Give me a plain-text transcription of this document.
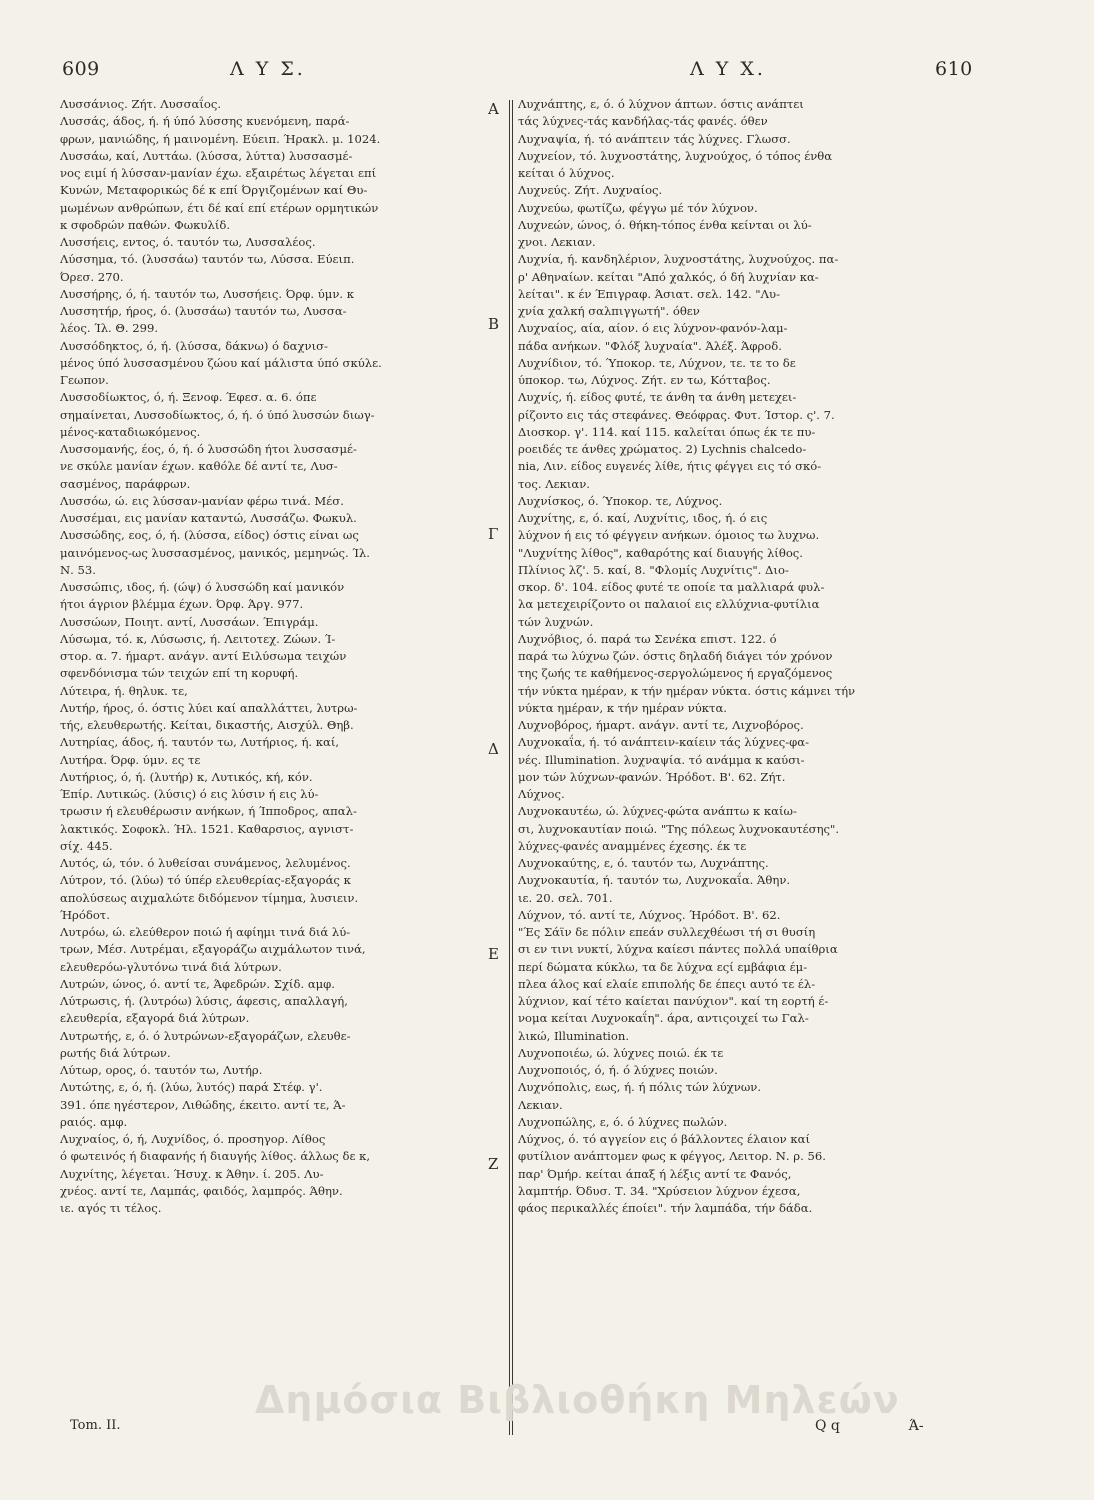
609	Λ Υ Σ.	Λ Υ Χ.	610
Λυσσάνιος. Ζήτ. Λυσσαΐος.
Λυσσάς, άδος, ή. ή ύπό λύσσης κυενόμενη, παρά-
φρων, μανιώδης, ή μαινομένη. Εύειπ. Ήρακλ. μ. 1024.
Λυσσάω, καί, Λυττάω. (λύσσα, λύττα) λυσσασμέ-
νος ειμί ή λύσσαν-μανίαν έχω. εξαιρέτως λέγεται επί
Κυνών, Μεταφορικώς δέ κ επί Όργιζομένων καί Θυ-
μωμένων ανθρώπων, έτι δέ καί επί ετέρων ορμητικών
κ σφοδρών παθών. Φωκυλίδ.
Λυσσήεις, εντος, ό. ταυτόν τω, Λυσσαλέος.
Λύσσημα, τό. (λυσσάω) ταυτόν τω, Λύσσα. Εύειπ.
Όρεσ. 270.
Λυσσήρης, ό, ή. ταυτόν τω, Λυσσήεις. Όρφ. ύμν. κ
Λυσσητήρ, ήρος, ό. (λυσσάω) ταυτόν τω, Λυσσα-
λέος. Ίλ. Θ. 299.
Λυσσόδηκτος, ό, ή. (λύσσα, δάκνω) ό δαχνισ-
μένος ύπό λυσσασμένου ζώου καί μάλιστα ύπό σκύλε.
Γεωπον.
Λυσσοδίωκτος, ό, ή. Ξενοφ. Έφεσ. α. 6. όπε
σημαίνεται, Λυσσοδίωκτος, ό, ή. ό ύπό λυσσών διωγ-
μένος-καταδιωκόμενος.
Λυσσομανής, έος, ό, ή. ό λυσσώδη ήτοι λυσσασμέ-
νε σκύλε μανίαν έχων. καθόλε δέ αντί τε, Λυσ-
σασμένος, παράφρων.
Λυσσόω, ώ. εις λύσσαν-μανίαν φέρω τινά. Μέσ.
Λυσσέμαι, εις μανίαν καταντώ, Λυσσάζω. Φωκυλ.
Λυσσώδης, εος, ό, ή. (λύσσα, είδος) όστις είναι ως
μαινόμενος-ως λυσσασμένος, μανικός, μεμηνώς. Ίλ.
Ν. 53.
Λυσσώπις, ιδος, ή. (ώψ) ό λυσσώδη καί μανικόν
ήτοι άγριον βλέμμα έχων. Όρφ. Άργ. 977.
Λυσσώων, Ποιητ. αντί, Λυσσάων. Έπιγράμ.
Λύσωμα, τό. κ, Λύσωσις, ή. Λειτοτεχ. Ζώων. Ί-
στορ. α. 7. ήμαρτ. ανάγν. αντί Ειλύσωμα τειχών
σφενδόνισμα τών τειχών επί τη κορυφή.
Λύτειρα, ή. θηλυκ. τε,
Λυτήρ, ήρος, ό. όστις λύει καί απαλλάττει, λυτρω-
τής, ελευθερωτής. Κείται, δικαστής, Αισχύλ. Θηβ.
Λυτηρίας, άδος, ή. ταυτόν τω, Λυτήριος, ή. καί,
Λυτήρα. Όρφ. ύμν. ες τε
Λυτήριος, ό, ή. (λυτήρ) κ, Λυτικός, κή, κόν.
Έπίρ. Λυτικώς. (λύσις) ό εις λύσιν ή εις λύ-
τρωσιν ή ελευθέρωσιν ανήκων, ή Ίπποδρος, απαλ-
λακτικός. Σοφοκλ. Ήλ. 1521. Καθαρσιος, αγνιστ-
σίχ. 445.
Λυτός, ώ, τόν. ό λυθείσαι συνάμενος, λελυμένος.
Λύτρον, τό. (λύω) τό ύπέρ ελευθερίας-εξαγοράς κ
απολύσεως αιχμαλώτε διδόμενον τίμημα, λυσιειν.
Ήρόδοτ.
Λυτρόω, ώ. ελεύθερον ποιώ ή αφίημι τινά διά λύ-
τρων, Μέσ. Λυτρέμαι, εξαγοράζω αιχμάλωτον τινά,
ελευθερόω-γλυτόνω τινά διά λύτρων.
Λυτρών, ώνος, ό. αντί τε, Άφεδρών. Σχίδ. αμφ.
Λύτρωσις, ή. (λυτρόω) λύσις, άφεσις, απαλλαγή,
ελευθερία, εξαγορά διά λύτρων.
Λυτρωτής, ε, ό. ό λυτρώνων-εξαγοράζων, ελευθε-
ρωτής διά λύτρων.
Λύτωρ, ορος, ό. ταυτόν τω, Λυτήρ.
Λυτώτης, ε, ό, ή. (λύω, λυτός) παρά Στέφ. γ'.
391. όπε ηγέστερον, Λιθώδης, έκειτο. αντί τε, Ά-
ραιός. αμφ.
Λυχναίος, ό, ή, Λυχνίδος, ό. προσηγορ. Λίθος
ό φωτεινός ή διαφανής ή διαυγής λίθος. άλλως δε κ,
Λυχνίτης, λέγεται. Ήσυχ. κ Άθην. ί. 205. Λυ-
χνέος. αντί τε, Λαμπάς, φαιδός, λαμπρός. Άθην.
ιε. αγός τι τέλος.
Λυχνάπτης, ε, ό. ό λύχνον άπτων. όστις ανάπτει
τάς λύχνες-τάς κανδήλας-τάς φανές. όθεν
Λυχναψία, ή. τό ανάπτειν τάς λύχνες. Γλωσσ.
Λυχνείον, τό. λυχνοστάτης, λυχνούχος, ό τόπος ένθα
κείται ό λύχνος.
Λυχνεύς. Ζήτ. Λυχναίος.
Λυχνεύω, φωτίζω, φέγγω μέ τόν λύχνον.
Λυχνεών, ώνος, ό. θήκη-τόπος ένθα κείνται οι λύ-
χνοι. Λεκιαν.
Λυχνία, ή. κανδηλέριον, λυχνοστάτης, λυχνούχος. πα-
ρ' Αθηναίων. κείται "Από χαλκός, ό δή λυχνίαν κα-
λείται". κ έν Έπιγραφ. Άσιατ. σελ. 142. "Λυ-
χνία χαλκή σαλπιγγωτή". όθεν
Λυχναίος, αία, αίον. ό εις λύχνον-φανόν-λαμ-
πάδα ανήκων. "Φλόξ λυχναία". Άλέξ. Άφροδ.
Λυχνίδιον, τό. Ύποκορ. τε, Λύχνον, τε. τε το δε
ύποκορ. τω, Λύχνος. Ζήτ. εν τω, Κότταβος.
Λυχνίς, ή. είδος φυτέ, τε άνθη τα άνθη μετεχει-
ρίζοντο εις τάς στεφάνες. Θεόφρας. Φυτ. Ίστορ. ς'. 7.
Διοσκορ. γ'. 114. καί 115. καλείται όπως έκ τε πυ-
ροειδές τε άνθες χρώματος. 2) Lychnis chalcedo-
nia, Λιν. είδος ευγενές λίθε, ήτις φέγγει εις τό σκό-
τος. Λεκιαν.
Λυχνίσκος, ό. Ύποκορ. τε, Λύχνος.
Λυχνίτης, ε, ό. καί, Λυχνίτις, ιδος, ή. ό εις
λύχνον ή εις τό φέγγειν ανήκων. όμοιος τω λυχνω.
"Λυχνίτης λίθος", καθαρότης καί διαυγής λίθος.
Πλίνιος λζ'. 5. καί, 8. "Φλομίς Λυχνίτις". Διο-
σκορ. δ'. 104. είδος φυτέ τε οποίε τα μαλλιαρά φυλ-
λα μετεχειρίζοντο οι παλαιοί εις ελλύχνια-φυτίλια
τών λυχνών.
Λυχνόβιος, ό. παρά τω Σενέκα επιστ. 122. ό
παρά τω λύχνω ζών. όστις δηλαδή διάγει τόν χρόνον
της ζωής τε καθήμενος-σεργολώμενος ή εργαζόμενος
τήν νύκτα ημέραν, κ τήν ημέραν νύκτα. όστις κάμνει τήν
νύκτα ημέραν, κ τήν ημέραν νύκτα.
Λυχνοβόρος, ήμαρτ. ανάγν. αντί τε, Λιχνοβόρος.
Λυχνοκαΐα, ή. τό ανάπτειν-καίειν τάς λύχνες-φα-
νές. Illumination. λυχναψία. τό ανάμμα κ καύσι-
μον τών λύχνων-φανών. Ήρόδοτ. Β'. 62. Ζήτ.
Λύχνος.
Λυχνοκαυτέω, ώ. λύχνες-φώτα ανάπτω κ καίω-
σι, λυχνοκαυτίαν ποιώ. "Της πόλεως λυχνοκαυτέσης".
λύχνες-φανές αναμμένες έχεσης. έκ τε
Λυχνοκαύτης, ε, ό. ταυτόν τω, Λυχνάπτης.
Λυχνοκαυτία, ή. ταυτόν τω, Λυχνοκαΐα. Άθην.
ιε. 20. σελ. 701.
Λύχνον, τό. αντί τε, Λύχνος. Ήρόδοτ. Β'. 62.
"Ές Σάϊν δε πόλιν επεάν συλλεχθέωσι τή σι θυσίη
σι εν τινι νυκτί, λύχνα καίεσι πάντες πολλά υπαίθρια
περί δώματα κύκλω, τα δε λύχνα εςί εμβάφια έμ-
πλεα άλος καί ελαίε επιπολής δε έπεςι αυτό τε έλ-
λύχνιον, καί τέτο καίεται πανύχιον". καί τη εορτή έ-
νομα κείται Λυχνοκαΐη". άρα, αντιςοιχεί τω Γαλ-
λικώ, Illumination.
Λυχνοποιέω, ώ. λύχνες ποιώ. έκ τε
Λυχνοποιός, ό, ή. ό λύχνες ποιών.
Λυχνόπολις, εως, ή. ή πόλις τών λύχνων.
Λεκιαν.
Λυχνοπώλης, ε, ό. ό λύχνες πωλών.
Λύχνος, ό. τό αγγείον εις ό βάλλοντες έλαιον καί
φυτίλιον ανάπτομεν φως κ φέγγος, Λειτορ. Ν. ρ. 56.
παρ' Όμήρ. κείται άπαξ ή λέξις αντί τε Φανός,
λαμπτήρ. Όδυσ. Τ. 34. "Χρύσειον λύχνον έχεσα,
φάος περικαλλές έποίει". τήν λαμπάδα, τήν δάδα.
Α
Β
Γ
Δ
Ε
Ζ
Tom. II.	Q q	Ά-
Δημόσια Βιβλιοθήκη Μηλεών
